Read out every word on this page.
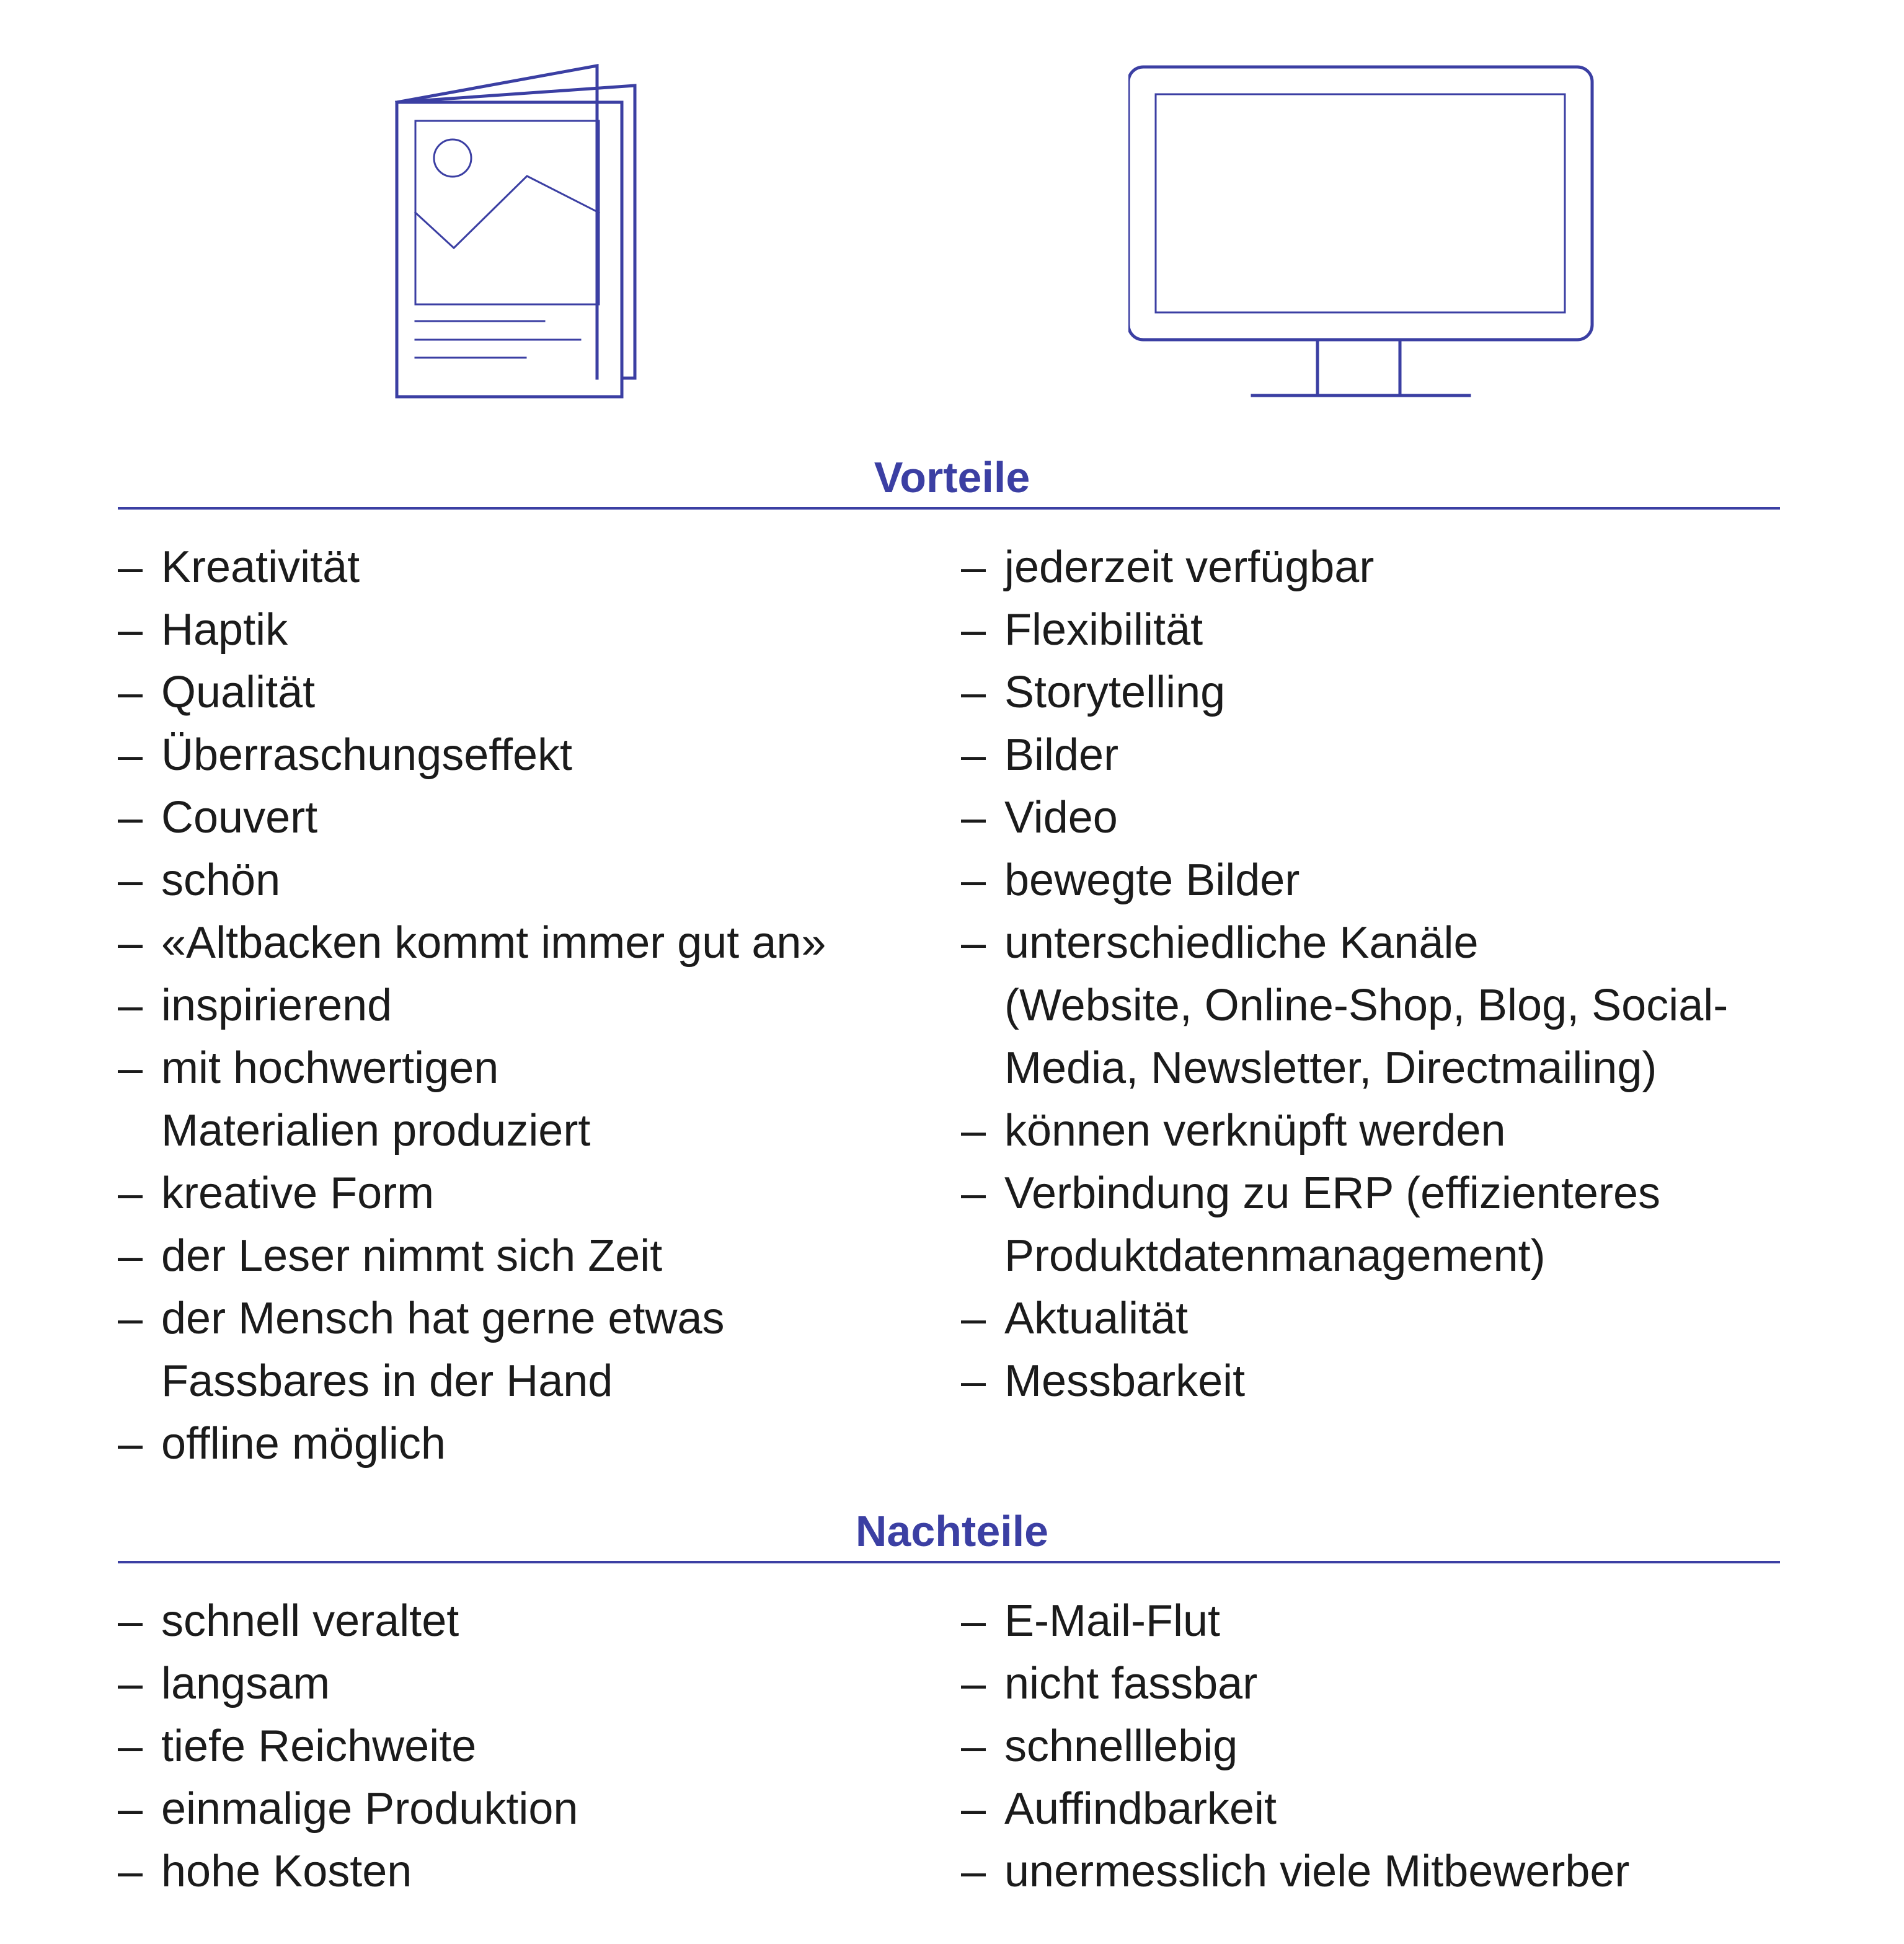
Vorteile
– Kreativität
– Haptik
– Qualität
– Überraschungseffekt
– Couvert
– schön
– «Altbacken kommt immer gut an»
– inspirierend
– mit hochwertigen
Materialien produziert
– kreative Form
– der Leser nimmt sich Zeit
– der Mensch hat gerne etwas
Fassbares in der Hand
– offline möglich
– jederzeit verfügbar
– Flexibilität
– Storytelling
– Bilder
– Video
– bewegte Bilder
– unterschiedliche Kanäle
(Website, Online-Shop, Blog, Social-
Media, Newsletter, Directmailing)
– können verknüpft werden
– Verbindung zu ERP (effizienteres
Produktdatenmanagement)
– Aktualität
– Messbarkeit
Nachteile
– schnell veraltet
– langsam
– tiefe Reichweite
– einmalige Produktion
– hohe Kosten
– E-Mail-Flut
– nicht fassbar
– schnelllebig
– Auffindbarkeit
– unermesslich viele Mitbewerber
